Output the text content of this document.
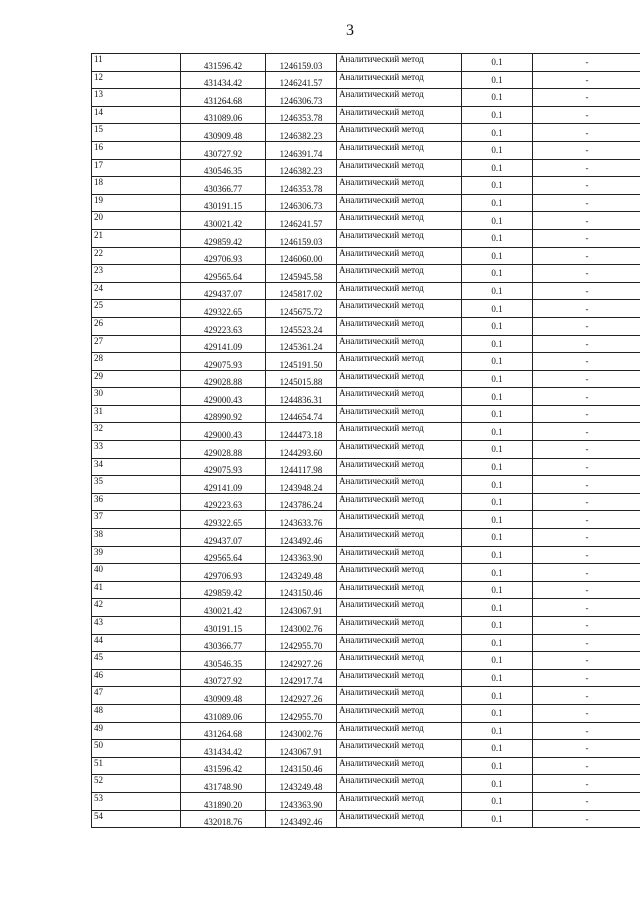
3
11	431596.42	1246159.03	Аналитический метод	0.1	-
12	431434.42	1246241.57	Аналитический метод	0.1	-
13	431264.68	1246306.73	Аналитический метод	0.1	-
14	431089.06	1246353.78	Аналитический метод	0.1	-
15	430909.48	1246382.23	Аналитический метод	0.1	-
16	430727.92	1246391.74	Аналитический метод	0.1	-
17	430546.35	1246382.23	Аналитический метод	0.1	-
18	430366.77	1246353.78	Аналитический метод	0.1	-
19	430191.15	1246306.73	Аналитический метод	0.1	-
20	430021.42	1246241.57	Аналитический метод	0.1	-
21	429859.42	1246159.03	Аналитический метод	0.1	-
22	429706.93	1246060.00	Аналитический метод	0.1	-
23	429565.64	1245945.58	Аналитический метод	0.1	-
24	429437.07	1245817.02	Аналитический метод	0.1	-
25	429322.65	1245675.72	Аналитический метод	0.1	-
26	429223.63	1245523.24	Аналитический метод	0.1	-
27	429141.09	1245361.24	Аналитический метод	0.1	-
28	429075.93	1245191.50	Аналитический метод	0.1	-
29	429028.88	1245015.88	Аналитический метод	0.1	-
30	429000.43	1244836.31	Аналитический метод	0.1	-
31	428990.92	1244654.74	Аналитический метод	0.1	-
32	429000.43	1244473.18	Аналитический метод	0.1	-
33	429028.88	1244293.60	Аналитический метод	0.1	-
34	429075.93	1244117.98	Аналитический метод	0.1	-
35	429141.09	1243948.24	Аналитический метод	0.1	-
36	429223.63	1243786.24	Аналитический метод	0.1	-
37	429322.65	1243633.76	Аналитический метод	0.1	-
38	429437.07	1243492.46	Аналитический метод	0.1	-
39	429565.64	1243363.90	Аналитический метод	0.1	-
40	429706.93	1243249.48	Аналитический метод	0.1	-
41	429859.42	1243150.46	Аналитический метод	0.1	-
42	430021.42	1243067.91	Аналитический метод	0.1	-
43	430191.15	1243002.76	Аналитический метод	0.1	-
44	430366.77	1242955.70	Аналитический метод	0.1	-
45	430546.35	1242927.26	Аналитический метод	0.1	-
46	430727.92	1242917.74	Аналитический метод	0.1	-
47	430909.48	1242927.26	Аналитический метод	0.1	-
48	431089.06	1242955.70	Аналитический метод	0.1	-
49	431264.68	1243002.76	Аналитический метод	0.1	-
50	431434.42	1243067.91	Аналитический метод	0.1	-
51	431596.42	1243150.46	Аналитический метод	0.1	-
52	431748.90	1243249.48	Аналитический метод	0.1	-
53	431890.20	1243363.90	Аналитический метод	0.1	-
54	432018.76	1243492.46	Аналитический метод	0.1	-
